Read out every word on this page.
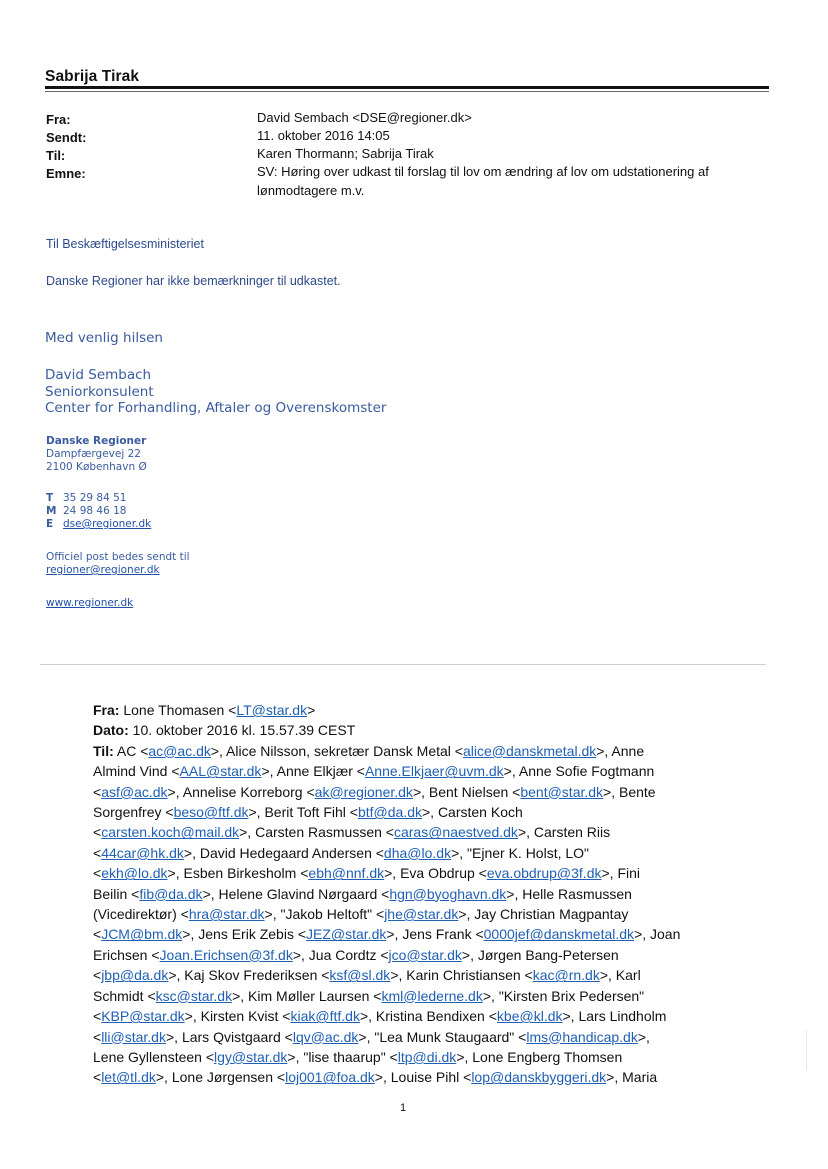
Sabrija Tirak
Fra:	David Sembach <DSE@regioner.dk>
Sendt:	11. oktober 2016 14:05
Til:	Karen Thormann; Sabrija Tirak
Emne:	SV: Høring over udkast til forslag til lov om ændring af lov om udstationering af lønmodtagere m.v.
Til Beskæftigelsesministeriet
Danske Regioner har ikke bemærkninger til udkastet.
Med venlig hilsen
David Sembach
Seniorkonsulent
Center for Forhandling, Aftaler og Overenskomster
Danske Regioner
Dampfærgevej 22
2100 København Ø
T 35 29 84 51
M 24 98 46 18
E dse@regioner.dk
Officiel post bedes sendt til
regioner@regioner.dk
www.regioner.dk
Fra: Lone Thomasen <LT@star.dk>
Dato: 10. oktober 2016 kl. 15.57.39 CEST
Til: AC <ac@ac.dk>, Alice Nilsson, sekretær Dansk Metal <alice@danskmetal.dk>, Anne
Almind Vind <AAL@star.dk>, Anne Elkjær <Anne.Elkjaer@uvm.dk>, Anne Sofie Fogtmann
<asf@ac.dk>, Annelise Korreborg <ak@regioner.dk>, Bent Nielsen <bent@star.dk>, Bente
Sorgenfrey <beso@ftf.dk>, Berit Toft Fihl <btf@da.dk>, Carsten Koch
<carsten.koch@mail.dk>, Carsten Rasmussen <caras@naestved.dk>, Carsten Riis
<44car@hk.dk>, David Hedegaard Andersen <dha@lo.dk>, "Ejner K. Holst, LO"
<ekh@lo.dk>, Esben Birkesholm <ebh@nnf.dk>, Eva Obdrup <eva.obdrup@3f.dk>, Fini
Beilin <fib@da.dk>, Helene Glavind Nørgaard <hgn@byoghavn.dk>, Helle Rasmussen
(Vicedirektør) <hra@star.dk>, "Jakob Heltoft" <jhe@star.dk>, Jay Christian Magpantay
<JCM@bm.dk>, Jens Erik Zebis <JEZ@star.dk>, Jens Frank <0000jef@danskmetal.dk>, Joan
Erichsen <Joan.Erichsen@3f.dk>, Jua Cordtz <jco@star.dk>, Jørgen Bang-Petersen
<jbp@da.dk>, Kaj Skov Frederiksen <ksf@sl.dk>, Karin Christiansen <kac@rn.dk>, Karl
Schmidt <ksc@star.dk>, Kim Møller Laursen <kml@lederne.dk>, "Kirsten Brix Pedersen"
<KBP@star.dk>, Kirsten Kvist <kiak@ftf.dk>, Kristina Bendixen <kbe@kl.dk>, Lars Lindholm
<lli@star.dk>, Lars Qvistgaard <lqv@ac.dk>, "Lea Munk Staugaard" <lms@handicap.dk>,
Lene Gyllensteen <lgy@star.dk>, "lise thaarup" <ltp@di.dk>, Lone Engberg Thomsen
<let@tl.dk>, Lone Jørgensen <loj001@foa.dk>, Louise Pihl <lop@danskbyggeri.dk>, Maria
1
